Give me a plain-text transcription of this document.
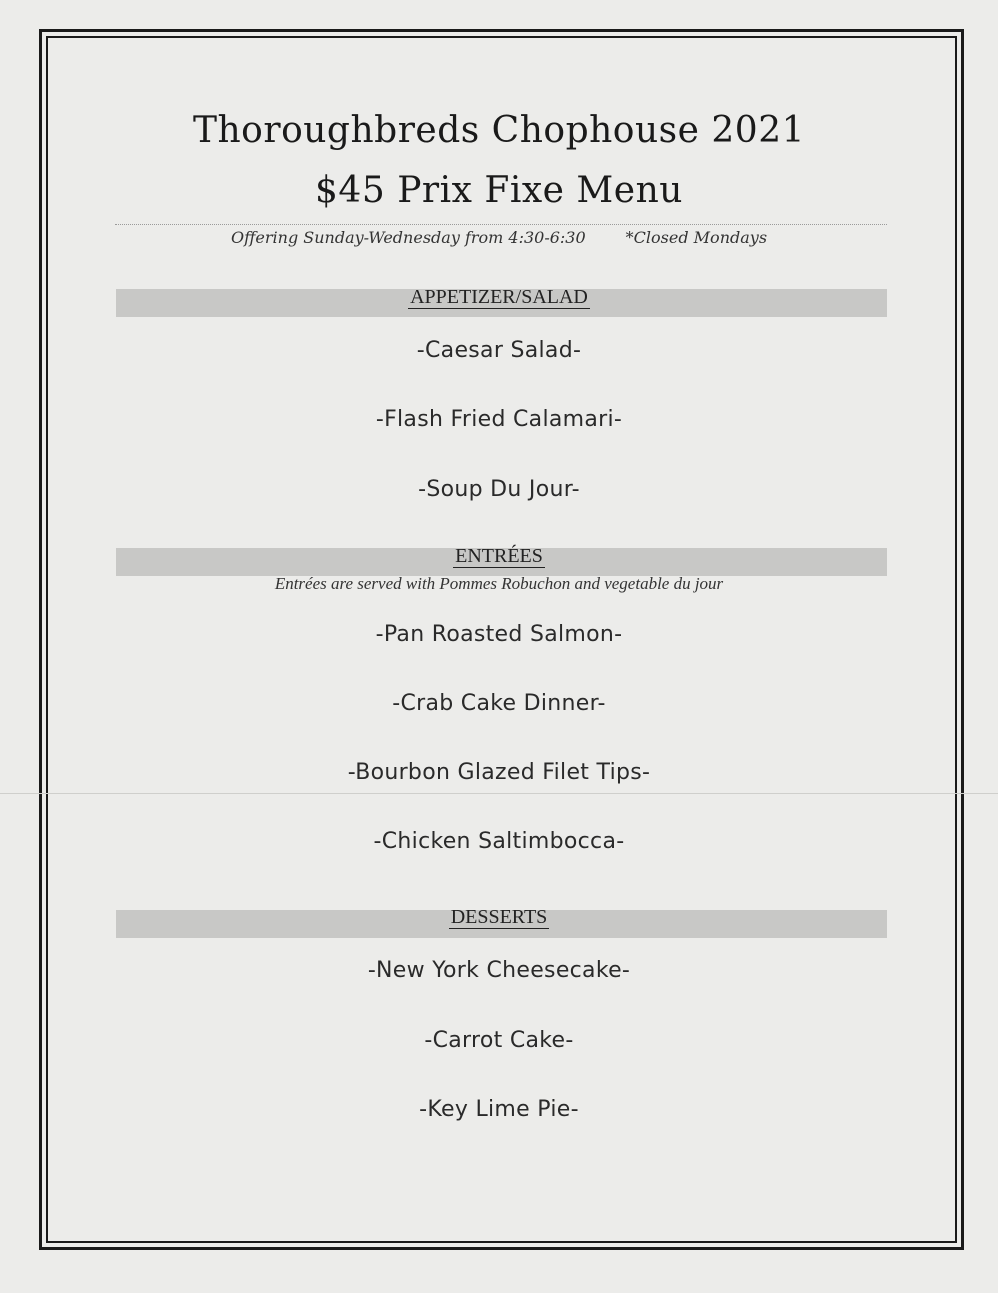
Thoroughbreds Chophouse 2021
$45 Prix Fixe Menu
Offering Sunday-Wednesday from 4:30-6:30	*Closed Mondays
APPETIZER/SALAD
-Caesar Salad-
-Flash Fried Calamari-
-Soup Du Jour-
ENTRÉES
Entrées are served with Pommes Robuchon and vegetable du jour
-Pan Roasted Salmon-
-Crab Cake Dinner-
-Bourbon Glazed Filet Tips-
-Chicken Saltimbocca-
DESSERTS
-New York Cheesecake-
-Carrot Cake-
-Key Lime Pie-
